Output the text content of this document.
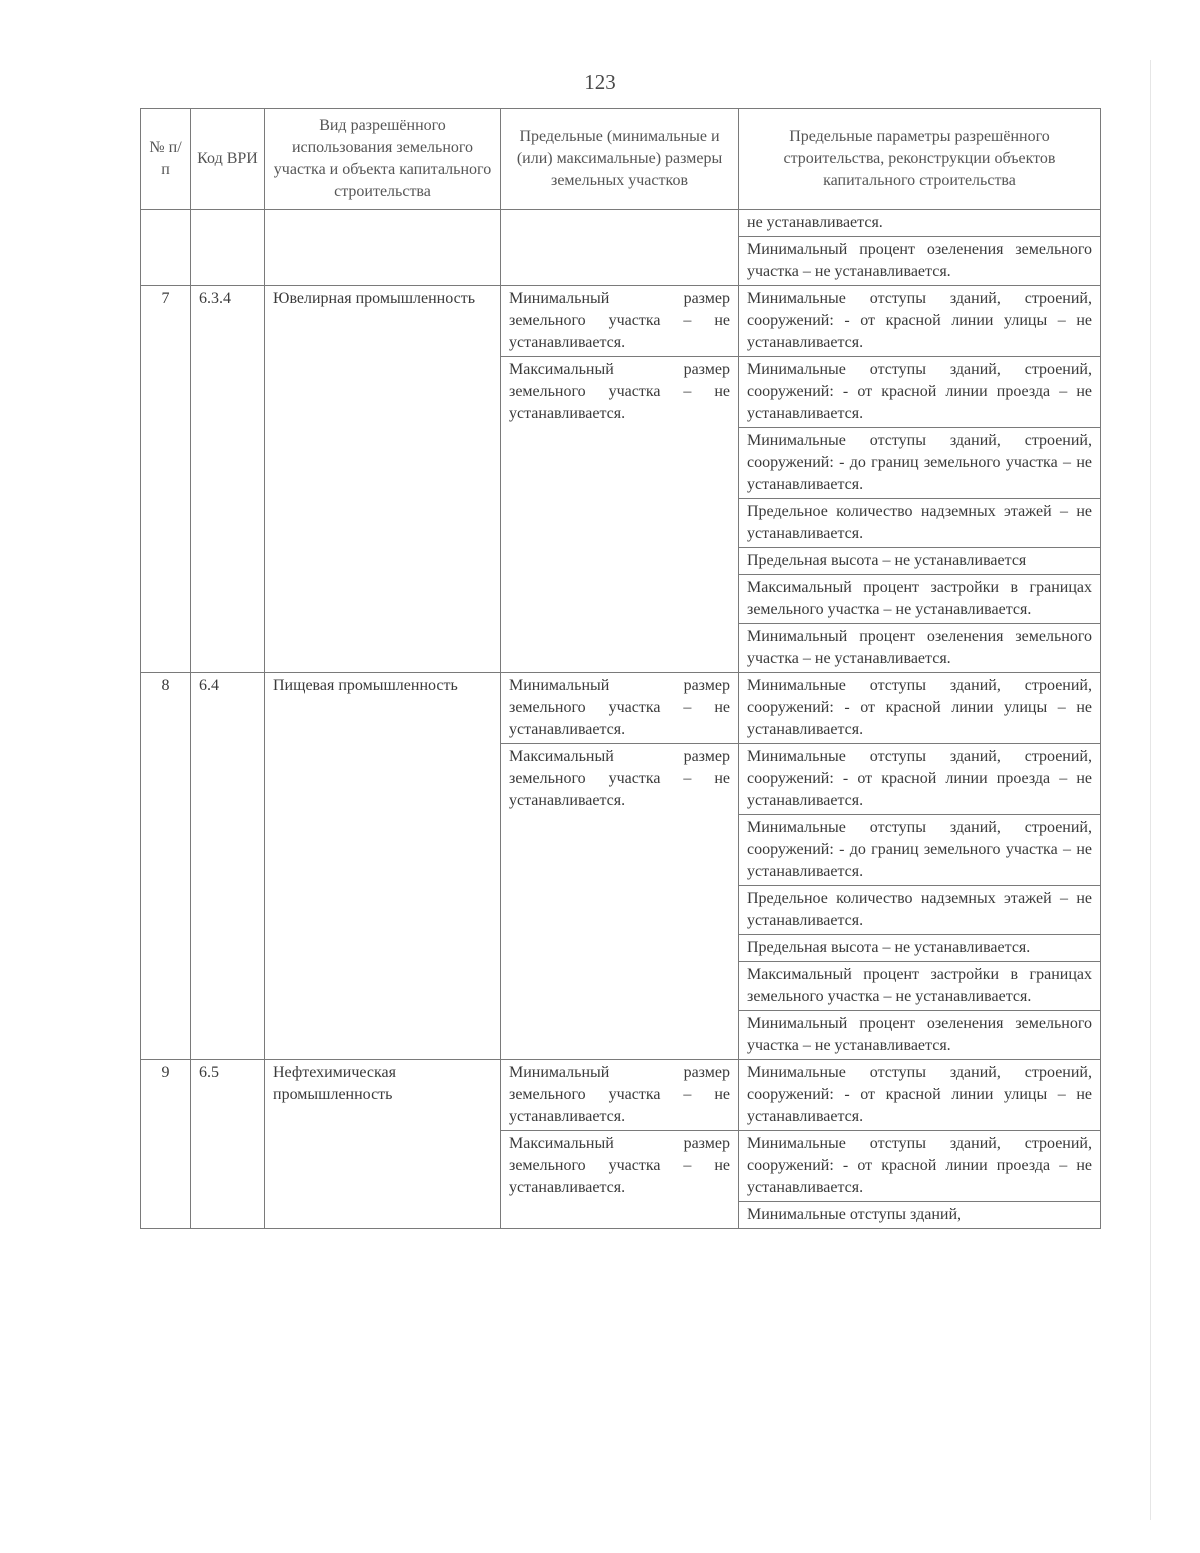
123
№ п/п	Код ВРИ	Вид разрешённого использования земельного участка и объекта капитального строительства	Предельные (минимальные и (или) максимальные) размеры земельных участков	Предельные параметры разрешённого строительства, реконструкции объектов капитального строительства
				не устанавливается.
				Минимальный процент озеленения земельного участка – не устанавливается.
7	6.3.4	Ювелирная промышленность	Минимальный размер земельного участка – не устанавливается.	Минимальные отступы зданий, строений, сооружений: - от красной линии улицы – не устанавливается.
			Максимальный размер земельного участка – не устанавливается.	Минимальные отступы зданий, строений, сооружений: - от красной линии проезда – не устанавливается.
				Минимальные отступы зданий, строений, сооружений: - до границ земельного участка – не устанавливается.
				Предельное количество надземных этажей – не устанавливается.
				Предельная высота – не устанавливается
				Максимальный процент застройки в границах земельного участка – не устанавливается.
				Минимальный процент озеленения земельного участка – не устанавливается.
8	6.4	Пищевая промышленность	Минимальный размер земельного участка – не устанавливается.	Минимальные отступы зданий, строений, сооружений: - от красной линии улицы – не устанавливается.
			Максимальный размер земельного участка – не устанавливается.	Минимальные отступы зданий, строений, сооружений: - от красной линии проезда – не устанавливается.
				Минимальные отступы зданий, строений, сооружений: - до границ земельного участка – не устанавливается.
				Предельное количество надземных этажей – не устанавливается.
				Предельная высота – не устанавливается.
				Максимальный процент застройки в границах земельного участка – не устанавливается.
				Минимальный процент озеленения земельного участка – не устанавливается.
9	6.5	Нефтехимическая промышленность	Минимальный размер земельного участка – не устанавливается.	Минимальные отступы зданий, строений, сооружений: - от красной линии улицы – не устанавливается.
			Максимальный размер земельного участка – не устанавливается.	Минимальные отступы зданий, строений, сооружений: - от красной линии проезда – не устанавливается.
				Минимальные отступы зданий,
